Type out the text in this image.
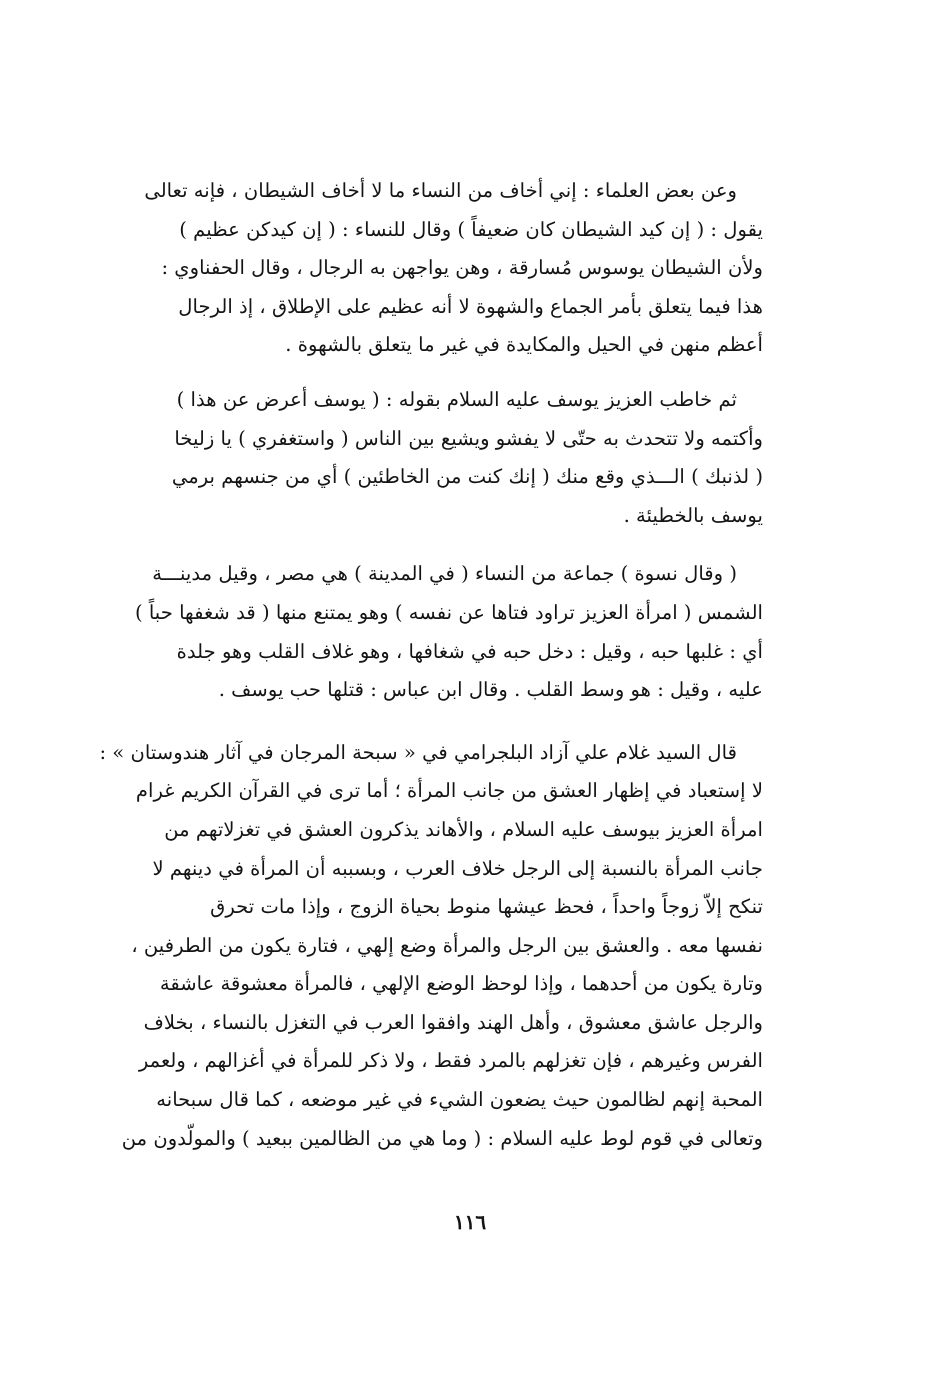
وعن بعض العلماء : إني أخاف من النساء ما لا أخاف الشيطان ، فإنه تعالى
يقول : ( إن كيد الشيطان كان ضعيفاً ) وقال للنساء : ( إن كيدكن عظيم )
ولأن الشيطان يوسوس مُسارقة ، وهن يواجهن به الرجال ، وقال الحفناوي :
هذا فيما يتعلق بأمر الجماع والشهوة لا أنه عظيم على الإطلاق ، إذ الرجال
أعظم منهن في الحيل والمكايدة في غير ما يتعلق بالشهوة .

ثم خاطب العزيز يوسف عليه السلام بقوله : ( يوسف أعرض عن هذا )
وأكتمه ولا تتحدث به حتّى لا يفشو ويشيع بين الناس ( واستغفري ) يا زليخا
( لذنبك ) الـــذي وقع منك ( إنك كنت من الخاطئين ) أي من جنسهم برمي
يوسف بالخطيئة .

( وقال نسوة ) جماعة من النساء ( في المدينة ) هي مصر ، وقيل مدينـــة
الشمس ( امرأة العزيز تراود فتاها عن نفسه ) وهو يمتنع منها ( قد شغفها حباً )
أي : غلبها حبه ، وقيل : دخل حبه في شغافها ، وهو غلاف القلب وهو جلدة
عليه ، وقيل : هو وسط القلب . وقال ابن عباس : قتلها حب يوسف .

قال السيد غلام علي آزاد البلجرامي في « سبحة المرجان في آثار هندوستان » :
لا إستعباد في إظهار العشق من جانب المرأة ؛ أما ترى في القرآن الكريم غرام
امرأة العزيز بيوسف عليه السلام ، والأهاند يذكرون العشق في تغزلاتهم من
جانب المرأة بالنسبة إلى الرجل خلاف العرب ، وبسببه أن المرأة في دينهم لا
تنكح إلاّ زوجاً واحداً ، فحظ عيشها منوط بحياة الزوج ، وإذا مات تحرق
نفسها معه . والعشق بين الرجل والمرأة وضع إلهي ، فتارة يكون من الطرفين ،
وتارة يكون من أحدهما ، وإذا لوحظ الوضع الإلهي ، فالمرأة معشوقة عاشقة
والرجل عاشق معشوق ، وأهل الهند وافقوا العرب في التغزل بالنساء ، بخلاف
الفرس وغيرهم ، فإن تغزلهم بالمرد فقط ، ولا ذكر للمرأة في أغزالهم ، ولعمر
المحبة إنهم لظالمون حيث يضعون الشيء في غير موضعه ، كما قال سبحانه
وتعالى في قوم لوط عليه السلام : ( وما هي من الظالمين ببعيد ) والمولّدون من

١١٦
